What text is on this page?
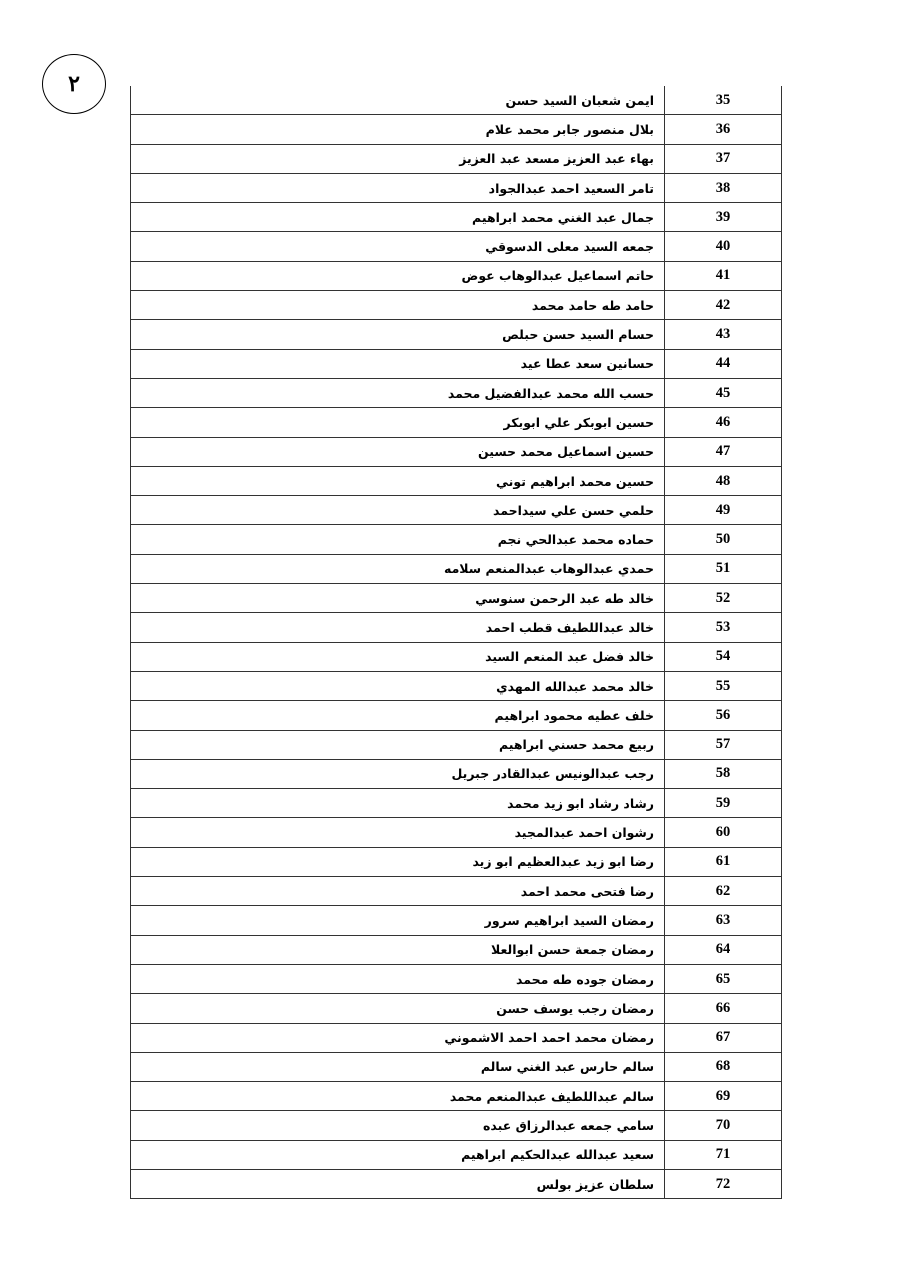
٢
ايمن شعبان السيد حسن	35
بلال منصور جابر محمد علام	36
بهاء عبد العزيز مسعد عبد العزيز	37
تامر السعيد احمد عبدالجواد	38
جمال عبد الغني محمد ابراهيم	39
جمعه السيد معلى الدسوقي	40
حاتم اسماعيل عبدالوهاب عوض	41
حامد طه حامد محمد	42
حسام السيد حسن حبلص	43
حسانين سعد عطا عيد	44
حسب الله محمد عبدالفضيل محمد	45
حسين ابوبكر علي ابوبكر	46
حسين اسماعيل محمد حسين	47
حسين محمد ابراهيم توني	48
حلمي حسن علي سيداحمد	49
حماده محمد عبدالحي نجم	50
حمدي عبدالوهاب عبدالمنعم سلامه	51
خالد طه عبد الرحمن سنوسي	52
خالد عبداللطيف قطب احمد	53
خالد فضل عبد المنعم السيد	54
خالد محمد عبدالله المهدي	55
خلف عطيه محمود ابراهيم	56
ربيع محمد حسني ابراهيم	57
رجب عبدالونيس عبدالقادر جبريل	58
رشاد رشاد ابو زيد محمد	59
رشوان احمد عبدالمجيد	60
رضا ابو زيد عبدالعظيم ابو زيد	61
رضا فتحى محمد احمد	62
رمضان السيد ابراهيم سرور	63
رمضان جمعة حسن ابوالعلا	64
رمضان جوده طه محمد	65
رمضان رجب يوسف حسن	66
رمضان محمد احمد احمد الاشموني	67
سالم حارس عبد الغني سالم	68
سالم عبداللطيف عبدالمنعم محمد	69
سامي جمعه عبدالرزاق عبده	70
سعيد عبدالله عبدالحكيم ابراهيم	71
سلطان عزيز بولس	72
